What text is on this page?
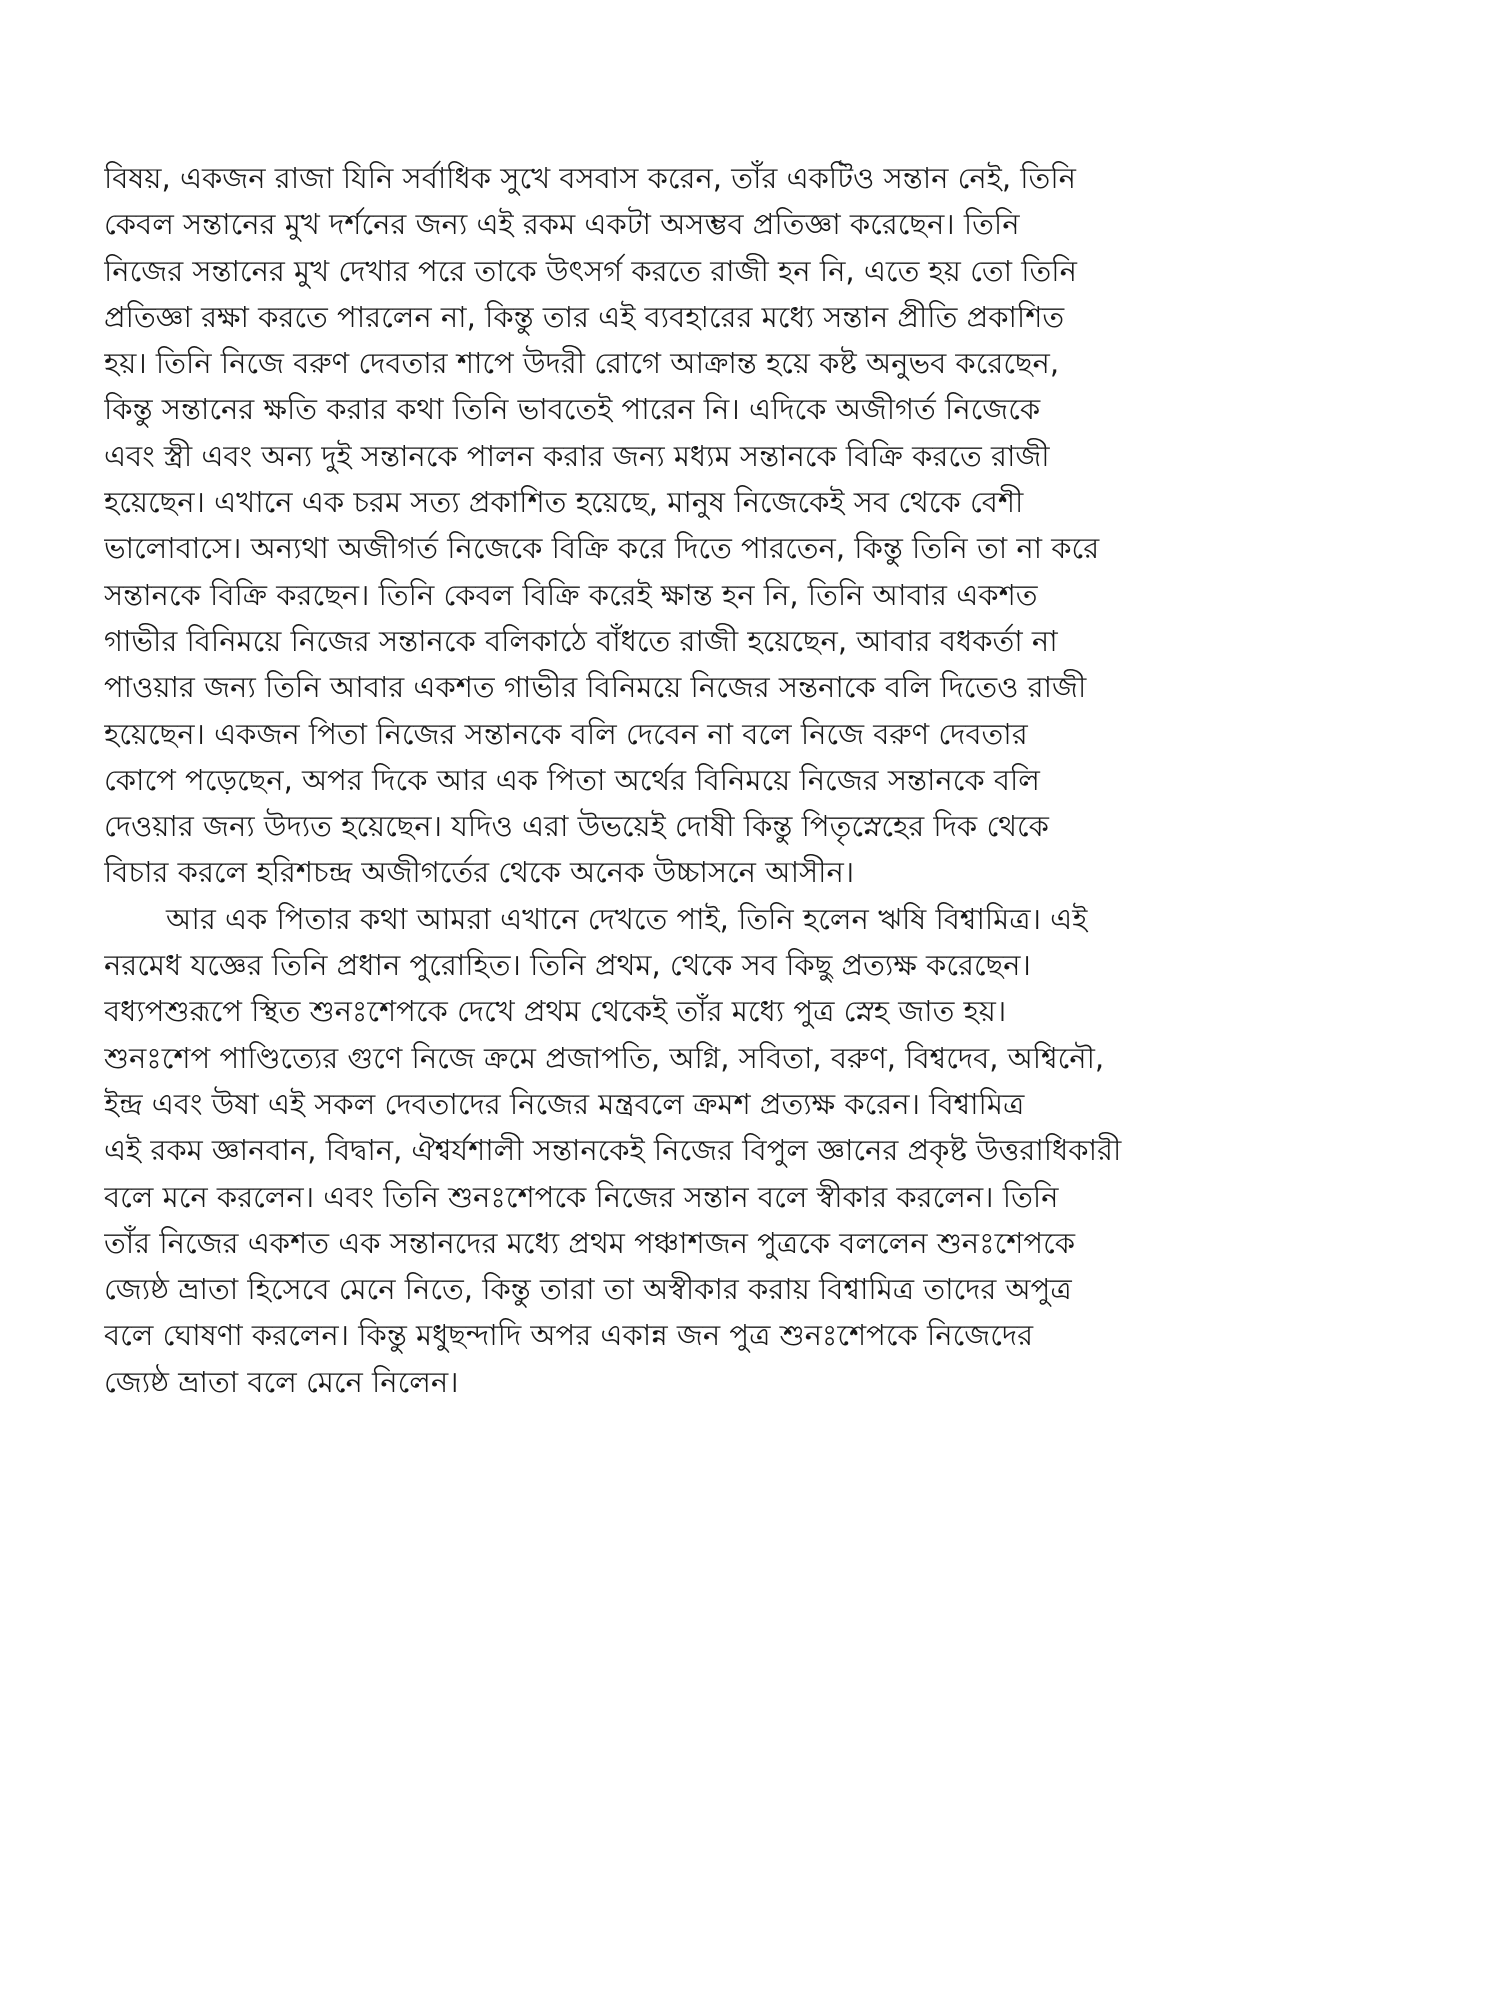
বিষয়, একজন রাজা যিনি সর্বাধিক সুখে বসবাস করেন, তাঁর একটিও সন্তান নেই, তিনি
কেবল সন্তানের মুখ দর্শনের জন্য এই রকম একটা অসম্ভব প্রতিজ্ঞা করেছেন। তিনি
নিজের সন্তানের মুখ দেখার পরে তাকে উৎসর্গ করতে রাজী হন নি, এতে হয় তো তিনি
প্রতিজ্ঞা রক্ষা করতে পারলেন না, কিন্তু তার এই ব্যবহারের মধ্যে সন্তান প্রীতি প্রকাশিত
হয়। তিনি নিজে বরুণ দেবতার শাপে উদরী রোগে আক্রান্ত হয়ে কষ্ট অনুভব করেছেন,
কিন্তু সন্তানের ক্ষতি করার কথা তিনি ভাবতেই পারেন নি। এদিকে অজীগর্ত নিজেকে
এবং স্ত্রী এবং অন্য দুই সন্তানকে পালন করার জন্য মধ্যম সন্তানকে বিক্রি করতে রাজী
হয়েছেন। এখানে এক চরম সত্য প্রকাশিত হয়েছে, মানুষ নিজেকেই সব থেকে বেশী
ভালোবাসে। অন্যথা অজীগর্ত নিজেকে বিক্রি করে দিতে পারতেন, কিন্তু তিনি তা না করে
সন্তানকে বিক্রি করছেন। তিনি কেবল বিক্রি করেই ক্ষান্ত হন নি, তিনি আবার একশত
গাভীর বিনিময়ে নিজের সন্তানকে বলিকাঠে বাঁধতে রাজী হয়েছেন, আবার বধকর্তা না
পাওয়ার জন্য তিনি আবার একশত গাভীর বিনিময়ে নিজের সন্তনাকে বলি দিতেও রাজী
হয়েছেন। একজন পিতা নিজের সন্তানকে বলি দেবেন না বলে নিজে বরুণ দেবতার
কোপে পড়েছেন, অপর দিকে আর এক পিতা অর্থের বিনিময়ে নিজের সন্তানকে বলি
দেওয়ার জন্য উদ্যত হয়েছেন। যদিও এরা উভয়েই দোষী কিন্তু পিতৃস্নেহের দিক থেকে
বিচার করলে হরিশচন্দ্র অজীগর্তের থেকে অনেক উচ্চাসনে আসীন।
আর এক পিতার কথা আমরা এখানে দেখতে পাই, তিনি হলেন ঋষি বিশ্বামিত্র। এই
নরমেধ যজ্ঞের তিনি প্রধান পুরোহিত। তিনি প্রথম, থেকে সব কিছু প্রত্যক্ষ করেছেন।
বধ্যপশুরূপে স্থিত শুনঃশেপকে দেখে প্রথম থেকেই তাঁর মধ্যে পুত্র স্নেহ জাত হয়।
শুনঃশেপ পাণ্ডিত্যের গুণে নিজে ক্রমে প্রজাপতি, অগ্নি, সবিতা, বরুণ, বিশ্বদেব, অশ্বিনৌ,
ইন্দ্র এবং উষা এই সকল দেবতাদের নিজের মন্ত্রবলে ক্রমশ প্রত্যক্ষ করেন। বিশ্বামিত্র
এই রকম জ্ঞানবান, বিদ্বান, ঐশ্বর্যশালী সন্তানকেই নিজের বিপুল জ্ঞানের প্রকৃষ্ট উত্তরাধিকারী
বলে মনে করলেন। এবং তিনি শুনঃশেপকে নিজের সন্তান বলে স্বীকার করলেন। তিনি
তাঁর নিজের একশত এক সন্তানদের মধ্যে প্রথম পঞ্চাশজন পুত্রকে বললেন শুনঃশেপকে
জ্যেষ্ঠ ভ্রাতা হিসেবে মেনে নিতে, কিন্তু তারা তা অস্বীকার করায় বিশ্বামিত্র তাদের অপুত্র
বলে ঘোষণা করলেন। কিন্তু মধুছন্দাদি অপর একান্ন জন পুত্র শুনঃশেপকে নিজেদের
জ্যেষ্ঠ ভ্রাতা বলে মেনে নিলেন।
